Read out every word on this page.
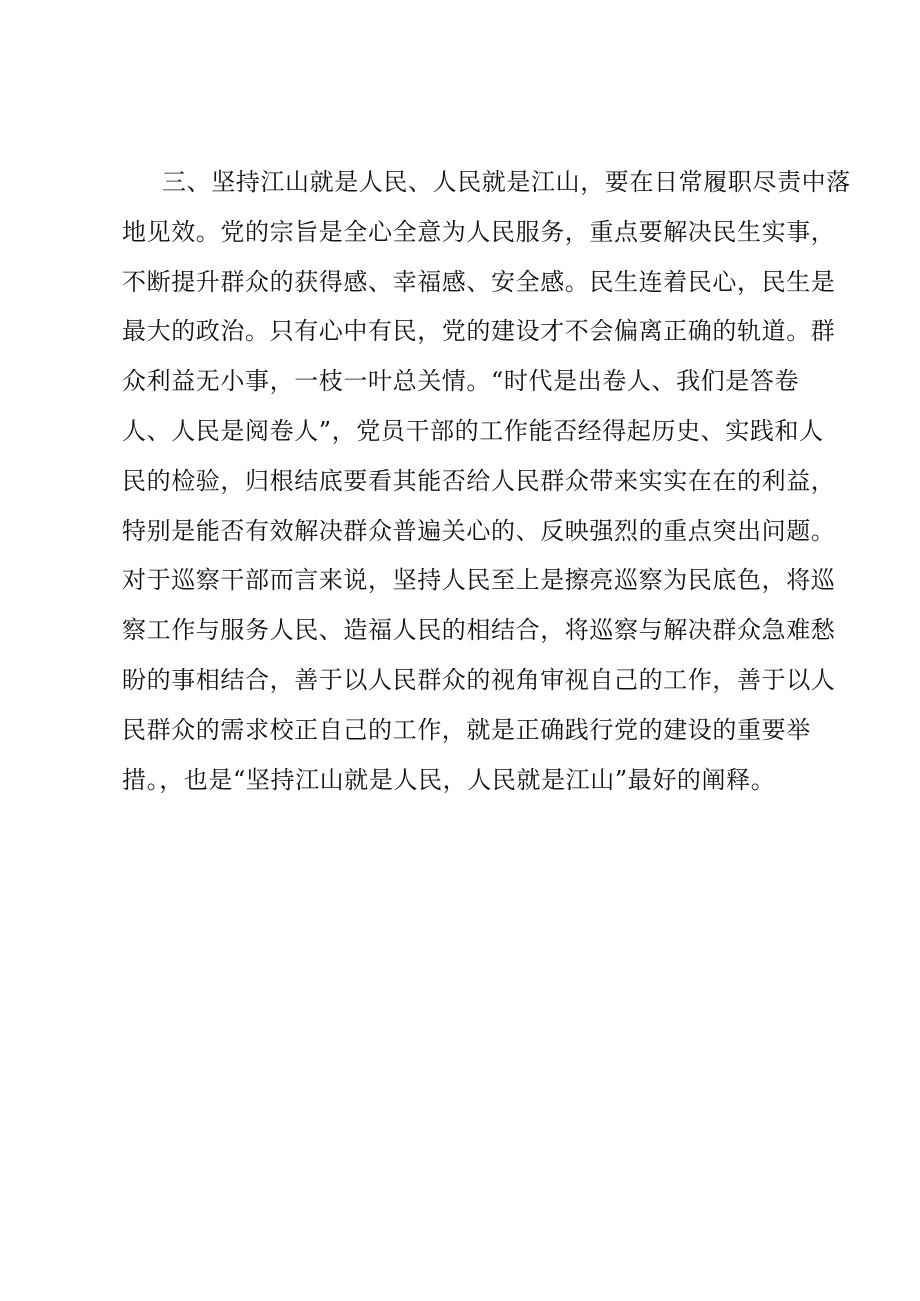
三、坚持江山就是人民、人民就是江山，要在日常履职尽责中落
地见效。党的宗旨是全心全意为人民服务，重点要解决民生实事，
不断提升群众的获得感、幸福感、安全感。民生连着民心，民生是
最大的政治。只有心中有民，党的建设才不会偏离正确的轨道。群
众利益无小事，一枝一叶总关情。“时代是出卷人、我们是答卷
人、人民是阅卷人”，党员干部的工作能否经得起历史、实践和人
民的检验，归根结底要看其能否给人民群众带来实实在在的利益，
特别是能否有效解决群众普遍关心的、反映强烈的重点突出问题。
对于巡察干部而言来说，坚持人民至上是擦亮巡察为民底色，将巡
察工作与服务人民、造福人民的相结合，将巡察与解决群众急难愁
盼的事相结合，善于以人民群众的视角审视自己的工作，善于以人
民群众的需求校正自己的工作，就是正确践行党的建设的重要举
措。，也是“坚持江山就是人民，人民就是江山”最好的阐释。
